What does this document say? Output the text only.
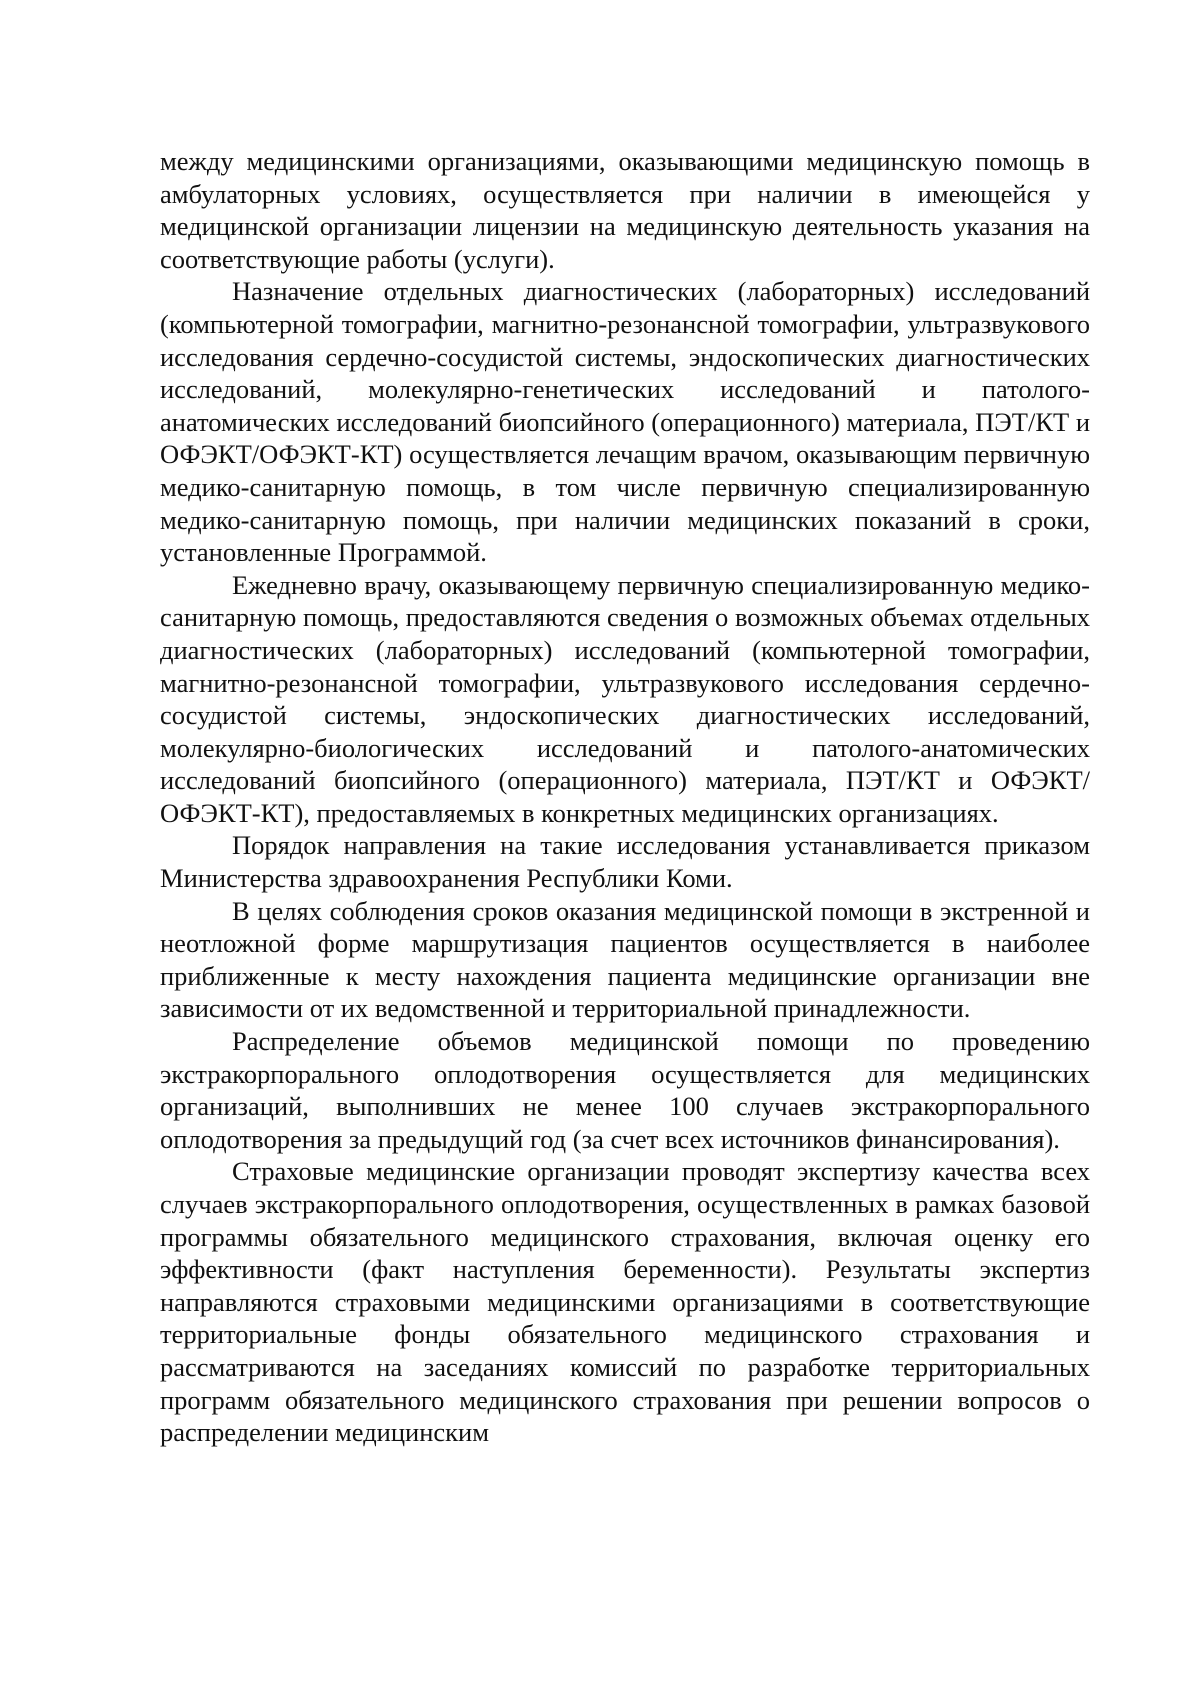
между медицинскими организациями, оказывающими медицинскую помощь в амбулаторных условиях, осуществляется при наличии в имеющейся у медицинской организации лицензии на медицинскую деятельность указания на соответствующие работы (услуги).

Назначение отдельных диагностических (лабораторных) исследований (компьютерной томографии, магнитно-резонансной томографии, ультразвукового исследования сердечно-сосудистой системы, эндоскопических диагностических исследований, молекулярно-генетических исследований и патолого-анатомических исследований биопсийного (операционного) материала, ПЭТ/КТ и ОФЭКТ/ОФЭКТ-КТ) осуществляется лечащим врачом, оказывающим первичную медико-санитарную помощь, в том числе первичную специализированную медико-санитарную помощь, при наличии медицинских показаний в сроки, установленные Программой.

Ежедневно врачу, оказывающему первичную специализированную медико-санитарную помощь, предоставляются сведения о возможных объемах отдельных диагностических (лабораторных) исследований (компьютерной томографии, магнитно-резонансной томографии, ультразвукового исследования сердечно-сосудистой системы, эндоскопических диагностических исследований, молекулярно-биологических исследований и патолого-анатомических исследований биопсийного (операционного) материала, ПЭТ/КТ и ОФЭКТ/ОФЭКТ-КТ), предоставляемых в конкретных медицинских организациях.

Порядок направления на такие исследования устанавливается приказом Министерства здравоохранения Республики Коми.

В целях соблюдения сроков оказания медицинской помощи в экстренной и неотложной форме маршрутизация пациентов осуществляется в наиболее приближенные к месту нахождения пациента медицинские организации вне зависимости от их ведомственной и территориальной принадлежности.

Распределение объемов медицинской помощи по проведению экстракорпорального оплодотворения осуществляется для медицинских организаций, выполнивших не менее 100 случаев экстракорпорального оплодотворения за предыдущий год (за счет всех источников финансирования).

Страховые медицинские организации проводят экспертизу качества всех случаев экстракорпорального оплодотворения, осуществленных в рамках базовой программы обязательного медицинского страхования, включая оценку его эффективности (факт наступления беременности). Результаты экспертиз направляются страховыми медицинскими организациями в соответствующие территориальные фонды обязательного медицинского страхования и рассматриваются на заседаниях комиссий по разработке территориальных программ обязательного медицинского страхования при решении вопросов о распределении медицинским
